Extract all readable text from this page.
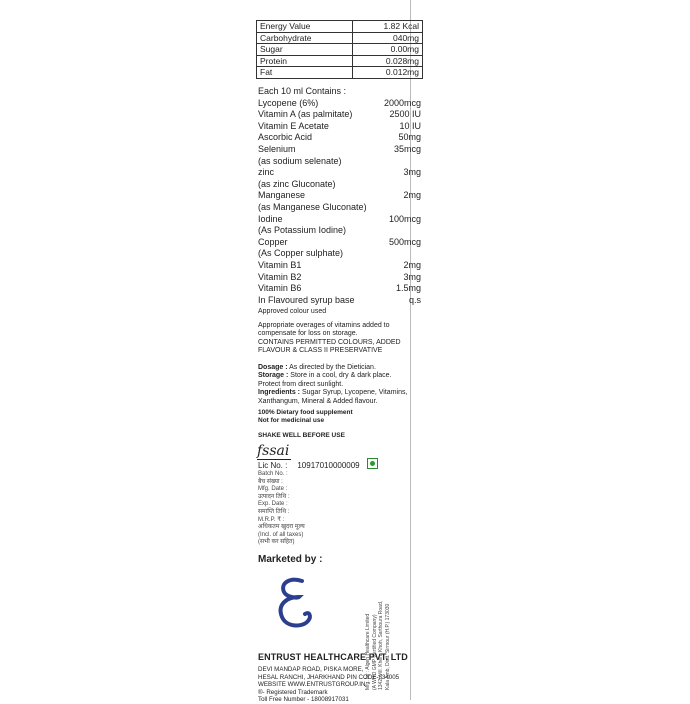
Energy Value	1.82 Kcal
Carbohydrate	040mg
Sugar	0.00mg
Protein	0.028mg
Fat	0.012mg
Each 10 ml Contains :
Lycopene (6%)	2000mcg
Vitamin A (as palmitate)	2500 IU
Vitamin E Acetate	10 IU
Ascorbic Acid	50mg
Selenium	35mcg
(as sodium selenate)
zinc	3mg
(as zinc Gluconate)
Manganese	2mg
(as Manganese Gluconate)
Iodine	100mcg
(As Potassium Iodine)
Copper	500mcg
(As Copper sulphate)
Vitamin B1	2mg
Vitamin B2	3mg
Vitamin B6	1.5mg
In Flavoured syrup base	q.s
Approved colour used
Appropriate overages of vitamins added to compensate for loss on storage.
CONTAINS PERMITTED COLOURS, ADDED FLAVOUR & CLASS II PRESERVATIVE
Dosage : As directed by the Dietician.
Storage : Store in a cool, dry & dark place.
Protect from direct sunlight.
Ingredients : Sugar Syrup, Lycopene, Vitamins, Xanthangum, Mineral & Added flavour.
100% Dietary food supplement
Not for medicinal use
SHAKE WELL BEFORE USE
fssai
Lic No. : 10917010000009
Batch No. :
बैच संख्या :
Mfg. Date :
उत्पादन तिथि :
Exp. Date :
समाप्ति तिथि :
M.R.P. ₹ :
अधिकतम खुदरा मूल्य
(Incl. of all taxes)
(सभी कर सहित)
Marketed by :
ENTRUST HEALTHCARE PVT. LTD
DEVI MANDAP ROAD, PISKA MORE,
HESAL RANCHI, JHARKHAND PIN CODE-834005
WEBSITE WWW.ENTRUSTGROUP.IN
®- Registered Trademark
Toll Free Number - 18008917031
Mfg. by : Algen Healthcare Limited (A WHO GMP Certified Company) 1342, Vill. Khera Khoh, Sarthoura Road, Kala Amb, Distt. Sirmour (H.P.) 173030
